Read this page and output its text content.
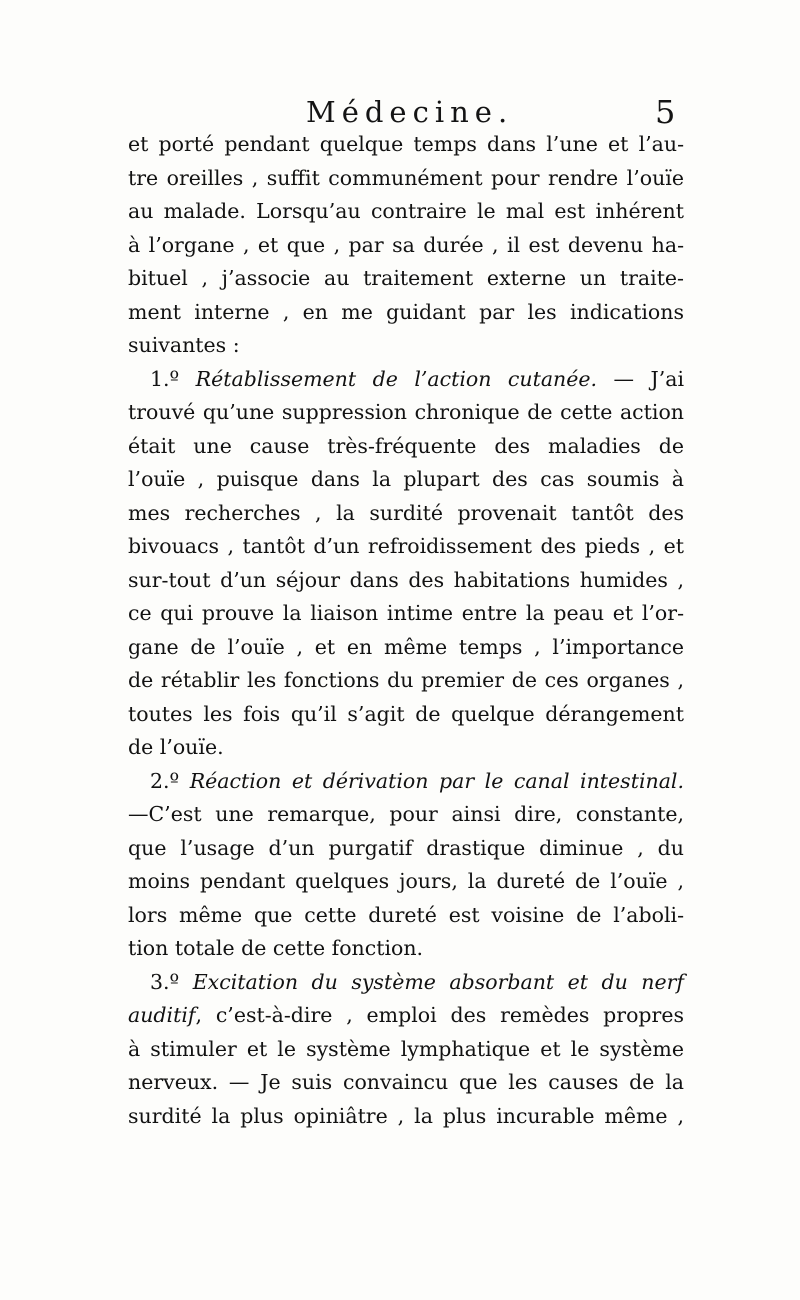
Médecine.	5
et porté pendant quelque temps dans l’une et l’au-
tre oreilles , suffit communément pour rendre l’ouïe
au malade. Lorsqu’au contraire le mal est inhérent
à l’organe , et que , par sa durée , il est devenu ha-
bituel , j’associe au traitement externe un traite-
ment interne , en me guidant par les indications
suivantes :
1.º Rétablissement de l’action cutanée. — J’ai
trouvé qu’une suppression chronique de cette action
était une cause très-fréquente des maladies de
l’ouïe , puisque dans la plupart des cas soumis à
mes recherches , la surdité provenait tantôt des
bivouacs , tantôt d’un refroidissement des pieds , et
sur-tout d’un séjour dans des habitations humides ,
ce qui prouve la liaison intime entre la peau et l’or-
gane de l’ouïe , et en même temps , l’importance
de rétablir les fonctions du premier de ces organes ,
toutes les fois qu’il s’agit de quelque dérangement
de l’ouïe.
2.º Réaction et dérivation par le canal intestinal.
—C’est une remarque, pour ainsi dire, constante,
que l’usage d’un purgatif drastique diminue , du
moins pendant quelques jours, la dureté de l’ouïe ,
lors même que cette dureté est voisine de l’aboli-
tion totale de cette fonction.
3.º Excitation du système absorbant et du nerf
auditif, c’est-à-dire , emploi des remèdes propres
à stimuler et le système lymphatique et le système
nerveux. — Je suis convaincu que les causes de la
surdité la plus opiniâtre , la plus incurable même ,
